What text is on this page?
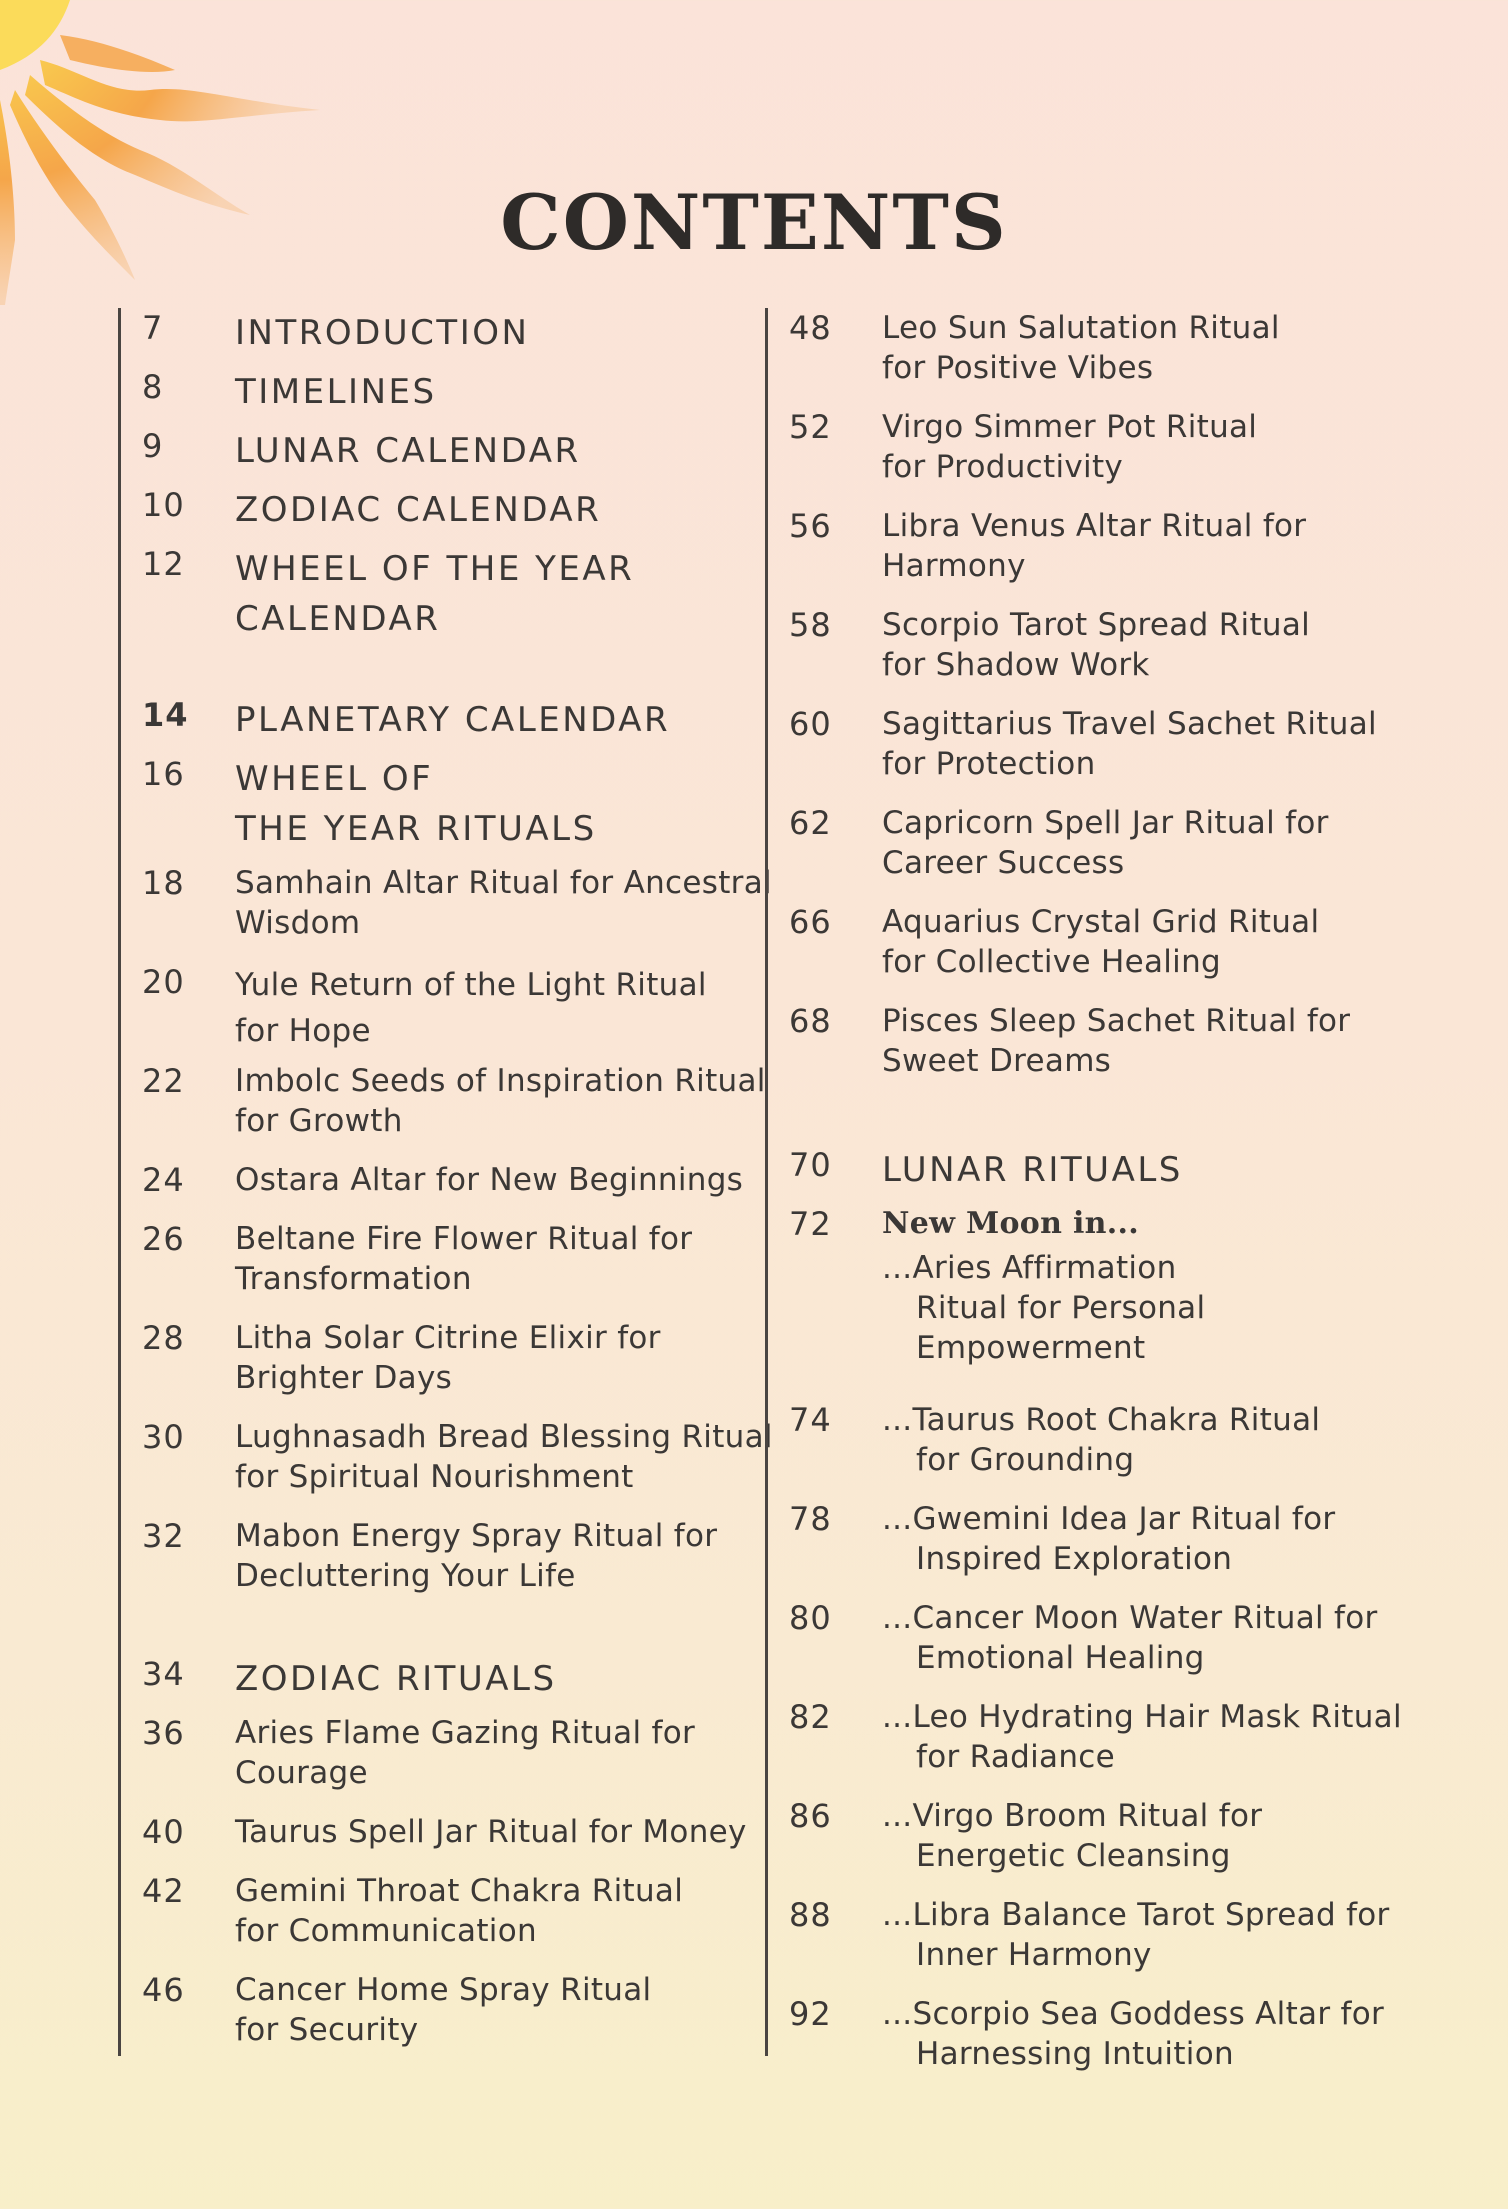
CONTENTS
7 INTRODUCTION
8 TIMELINES
9 LUNAR CALENDAR
10 ZODIAC CALENDAR
12 WHEEL OF THE YEAR
CALENDAR
14 PLANETARY CALENDAR
16 WHEEL OF
THE YEAR RITUALS
18 Samhain Altar Ritual for Ancestral
Wisdom
20 Yule Return of the Light Ritual
for Hope
22 Imbolc Seeds of Inspiration Ritual
for Growth
24 Ostara Altar for New Beginnings
26 Beltane Fire Flower Ritual for
Transformation
28 Litha Solar Citrine Elixir for
Brighter Days
30 Lughnasadh Bread Blessing Ritual
for Spiritual Nourishment
32 Mabon Energy Spray Ritual for
Decluttering Your Life
34 ZODIAC RITUALS
36 Aries Flame Gazing Ritual for
Courage
40 Taurus Spell Jar Ritual for Money
42 Gemini Throat Chakra Ritual
for Communication
46 Cancer Home Spray Ritual
for Security
48 Leo Sun Salutation Ritual
for Positive Vibes
52 Virgo Simmer Pot Ritual
for Productivity
56 Libra Venus Altar Ritual for
Harmony
58 Scorpio Tarot Spread Ritual
for Shadow Work
60 Sagittarius Travel Sachet Ritual
for Protection
62 Capricorn Spell Jar Ritual for
Career Success
66 Aquarius Crystal Grid Ritual
for Collective Healing
68 Pisces Sleep Sachet Ritual for
Sweet Dreams
70 LUNAR RITUALS
72 New Moon in...
...Aries Affirmation
Ritual for Personal
Empowerment
74 ...Taurus Root Chakra Ritual
for Grounding
78 ...Gwemini Idea Jar Ritual for
Inspired Exploration
80 ...Cancer Moon Water Ritual for
Emotional Healing
82 ...Leo Hydrating Hair Mask Ritual
for Radiance
86 ...Virgo Broom Ritual for
Energetic Cleansing
88 ...Libra Balance Tarot Spread for
Inner Harmony
92 ...Scorpio Sea Goddess Altar for
Harnessing Intuition
